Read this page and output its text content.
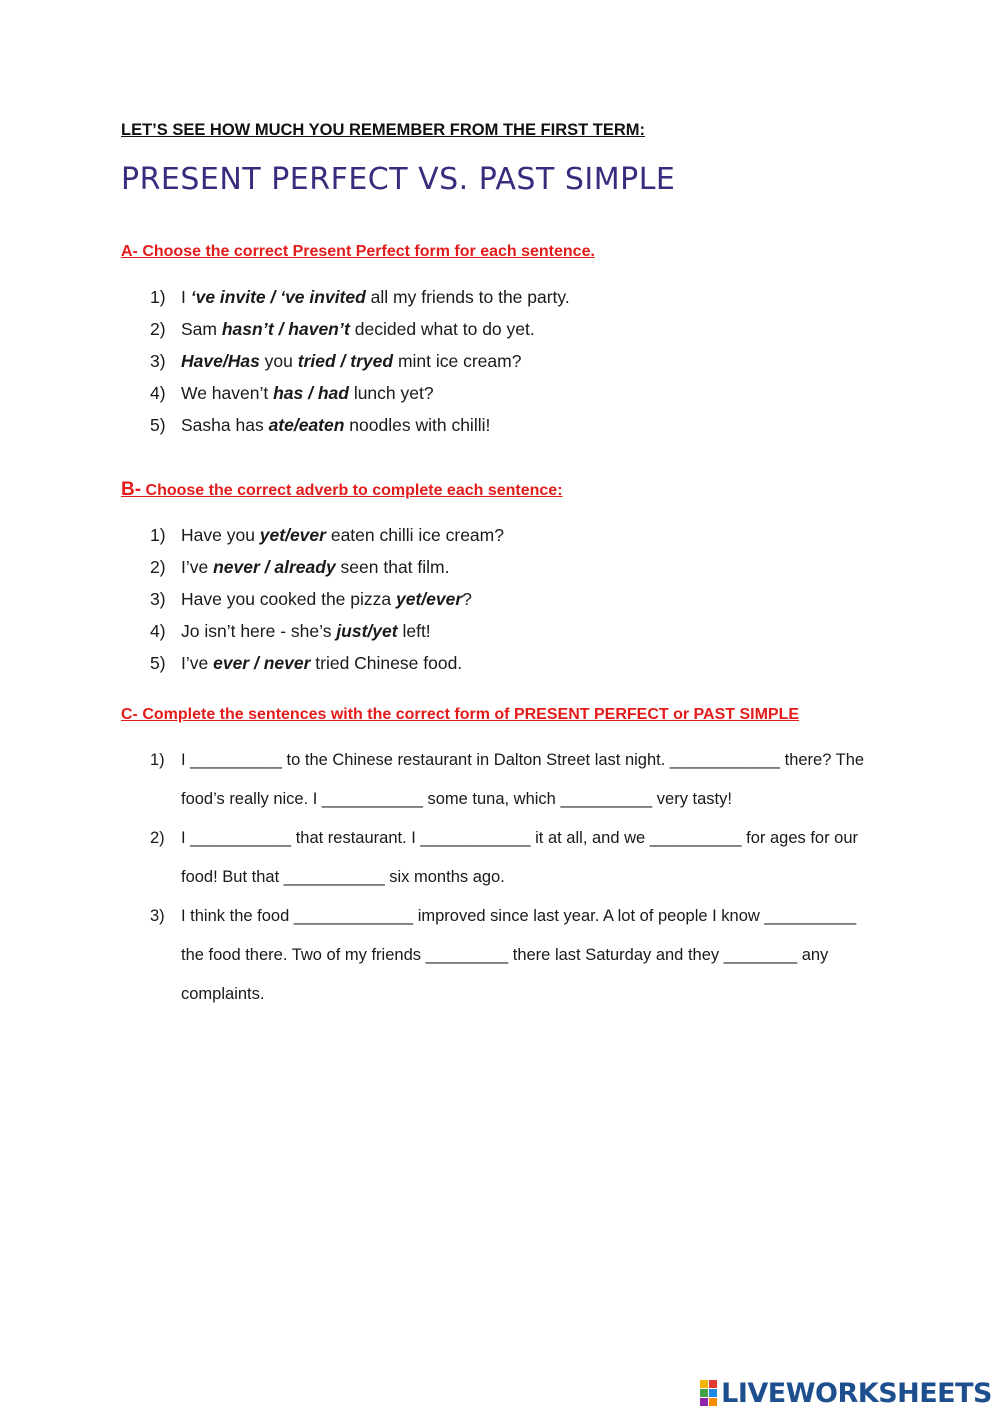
LET’S SEE HOW MUCH YOU REMEMBER FROM THE FIRST TERM:

PRESENT PERFECT VS. PAST SIMPLE

A- Choose the correct Present Perfect form for each sentence.

1) I ‘ve invite / ‘ve invited all my friends to the party.
2) Sam hasn’t / haven’t decided what to do yet.
3) Have/Has you tried / tryed mint ice cream?
4) We haven’t has / had lunch yet?
5) Sasha has ate/eaten noodles with chilli!

B- Choose the correct adverb to complete each sentence:

1) Have you yet/ever eaten chilli ice cream?
2) I’ve never / already seen that film.
3) Have you cooked the pizza yet/ever?
4) Jo isn’t here - she’s just/yet left!
5) I’ve ever / never tried Chinese food.

C- Complete the sentences with the correct form of PRESENT PERFECT or PAST SIMPLE

1) I __________ to the Chinese restaurant in Dalton Street last night. ____________ there? The
food’s really nice. I ___________ some tuna, which __________ very tasty!
2) I ___________ that restaurant. I ____________ it at all, and we __________ for ages for our
food! But that ___________ six months ago.
3) I think the food _____________ improved since last year. A lot of people I know __________
the food there. Two of my friends _________ there last Saturday and they ________ any
complaints.
LIVEWORKSHEETS
